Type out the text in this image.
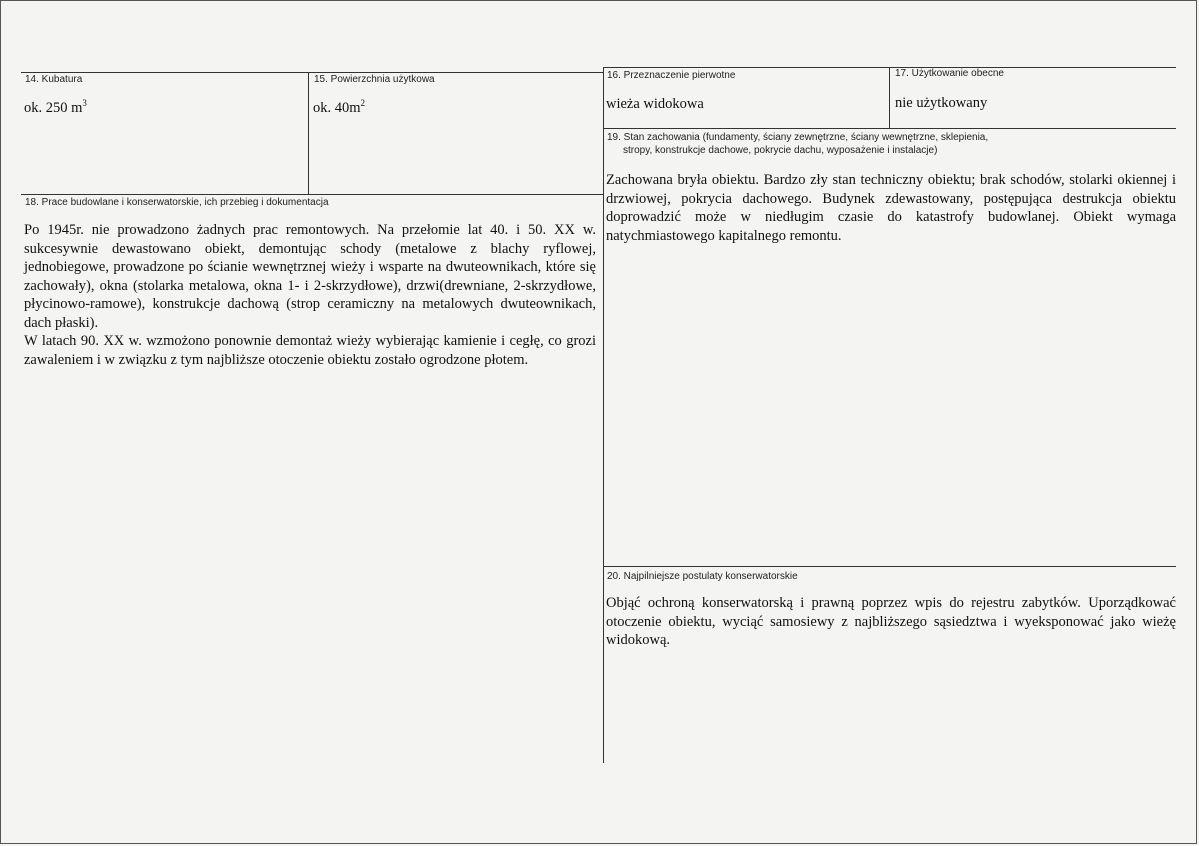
14. Kubatura
ok. 250 $m^3$
15. Powierzchnia użytkowa
ok. $40m^2$
16. Przeznaczenie pierwotne
wieża widokowa
17. Użytkowanie obecne
nie użytkowany
18. Prace budowlane i konserwatorskie, ich przebieg i dokumentacja

Po 1945r. nie prowadzono żadnych prac remontowych. Na przełomie lat 40. i 50. XX w. sukcesywnie dewastowano obiekt, demontując schody (metalowe z blachy ryflowej, jednobiegowe, prowadzone po ścianie wewnętrznej wieży i wsparte na dwuteownikach, które się zachowały), okna (stolarka metalowa, okna 1- i 2-skrzydłowe), drzwi(drewniane, 2-skrzydłowe, płycinowo-ramowe), konstrukcje dachową (strop ceramiczny na metalowych dwuteownikach, dach płaski).

W latach 90. XX w. wzmożono ponownie demontaż wieży wybierając kamienie i cegłę, co grozi zawaleniem i w związku z tym najbliższe otoczenie obiektu zostało ogrodzone płotem.

19. Stan zachowania (fundamenty, ściany zewnętrzne, ściany wewnętrzne, sklepienia,
stropy, konstrukcje dachowe, pokrycie dachu, wyposażenie i instalacje)
Zachowana bryła obiektu. Bardzo zły stan techniczny obiektu; brak schodów, stolarki okiennej i drzwiowej, pokrycia dachowego. Budynek zdewastowany, postępująca destrukcja obiektu doprowadzić może w niedługim czasie do katastrofy budowlanej. Obiekt wymaga natychmiastowego kapitalnego remontu.
20. Najpilniejsze postulaty konserwatorskie
Objąć ochroną konserwatorską i prawną poprzez wpis do rejestru zabytków. Uporządkować otoczenie obiektu, wyciąć samosiewy z najbliższego sąsiedztwa i wyeksponować jako wieżę widokową.
